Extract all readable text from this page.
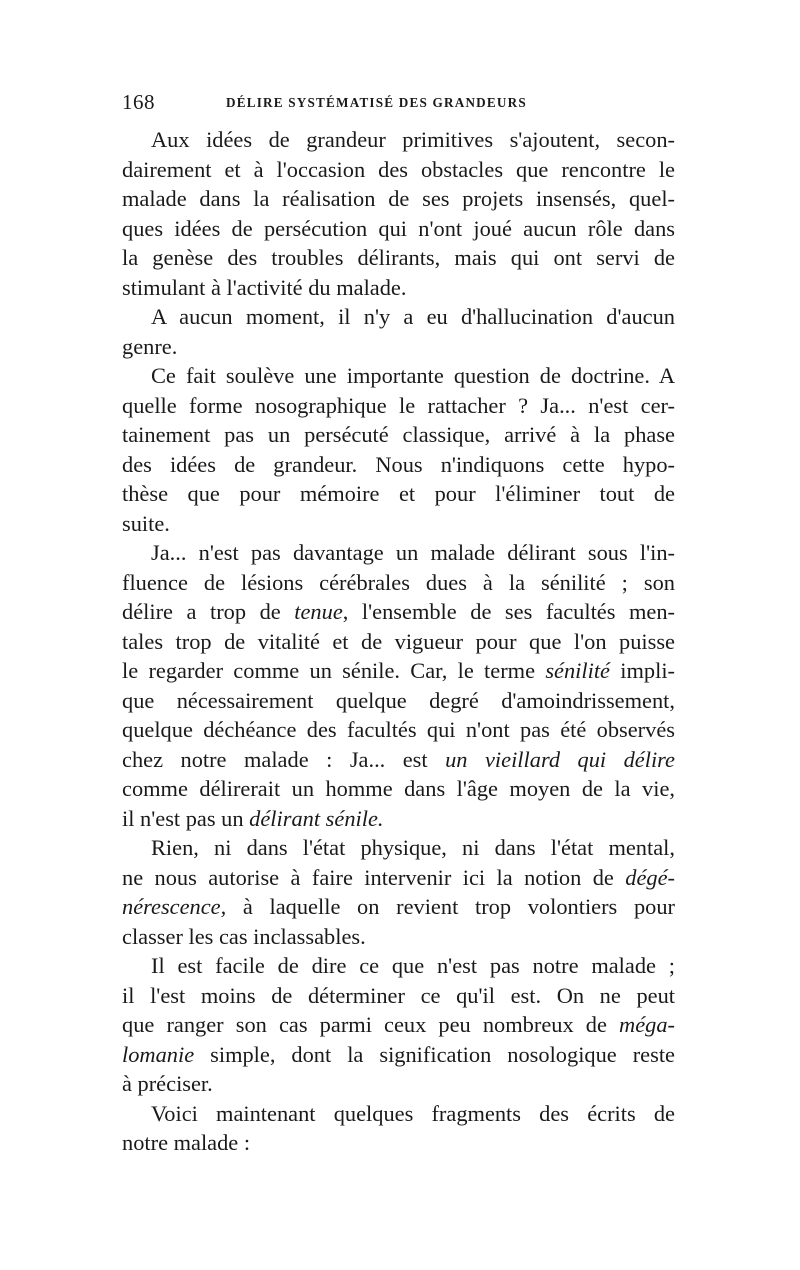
168	DÉLIRE SYSTÉMATISÉ DES GRANDEURS

Aux idées de grandeur primitives s'ajoutent, secon-
dairement et à l'occasion des obstacles que rencontre le
malade dans la réalisation de ses projets insensés, quel-
ques idées de persécution qui n'ont joué aucun rôle dans
la genèse des troubles délirants, mais qui ont servi de
stimulant à l'activité du malade.

A aucun moment, il n'y a eu d'hallucination d'aucun
genre.

Ce fait soulève une importante question de doctrine. A
quelle forme nosographique le rattacher ? Ja... n'est cer-
tainement pas un persécuté classique, arrivé à la phase
des idées de grandeur. Nous n'indiquons cette hypo-
thèse que pour mémoire et pour l'éliminer tout de
suite.

Ja... n'est pas davantage un malade délirant sous l'in-
fluence de lésions cérébrales dues à la sénilité ; son
délire a trop de tenue, l'ensemble de ses facultés men-
tales trop de vitalité et de vigueur pour que l'on puisse
le regarder comme un sénile. Car, le terme sénilité impli-
que nécessairement quelque degré d'amoindrissement,
quelque déchéance des facultés qui n'ont pas été observés
chez notre malade : Ja... est un vieillard qui délire
comme délirerait un homme dans l'âge moyen de la vie,
il n'est pas un délirant sénile.

Rien, ni dans l'état physique, ni dans l'état mental,
ne nous autorise à faire intervenir ici la notion de dégé-
nérescence, à laquelle on revient trop volontiers pour
classer les cas inclassables.

Il est facile de dire ce que n'est pas notre malade ;
il l'est moins de déterminer ce qu'il est. On ne peut
que ranger son cas parmi ceux peu nombreux de méga-
lomanie simple, dont la signification nosologique reste
à préciser.

Voici maintenant quelques fragments des écrits de
notre malade :
